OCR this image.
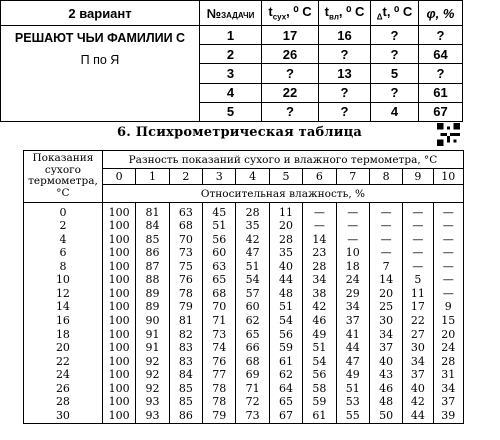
2 вариант	№ЗАДАЧИ	$t_{сух}$, ⁰ С	$t_{вл}$, ⁰ С	$_\Delta$t, ⁰ С	φ, %

РЕШАЮТ ЧЬИ ФАМИЛИИ С
П по Я	1	17	16	?	?
	2	26	?	?	64
	3	?	13	5	?
	4	22	?	?	61
	5	?	?	4	67
6. Психрометрическая таблица
Показания
сухого
термометра,
°С	Разность показаний сухого и влажного термометра, °С										
	0	1	2	3	4	5	6	7	8	9	10
	Относительная влажность, %										
0	100	81	63	45	28	11	—	—	—	—	—
2	100	84	68	51	35	20	—	—	—	—	—
4	100	85	70	56	42	28	14	—	—	—	—
6	100	86	73	60	47	35	23	10	—	—	—
8	100	87	75	63	51	40	28	18	7	—	—
10	100	88	76	65	54	44	34	24	14	5	—
12	100	89	78	68	57	48	38	29	20	11	—
14	100	89	79	70	60	51	42	34	25	17	9
16	100	90	81	71	62	54	46	37	30	22	15
18	100	91	82	73	65	56	49	41	34	27	20
20	100	91	83	74	66	59	51	44	37	30	24
22	100	92	83	76	68	61	54	47	40	34	28
24	100	92	84	77	69	62	56	49	43	37	31
26	100	92	85	78	71	64	58	51	46	40	34
28	100	93	85	78	72	65	59	53	48	42	37
30	100	93	86	79	73	67	61	55	50	44	39
